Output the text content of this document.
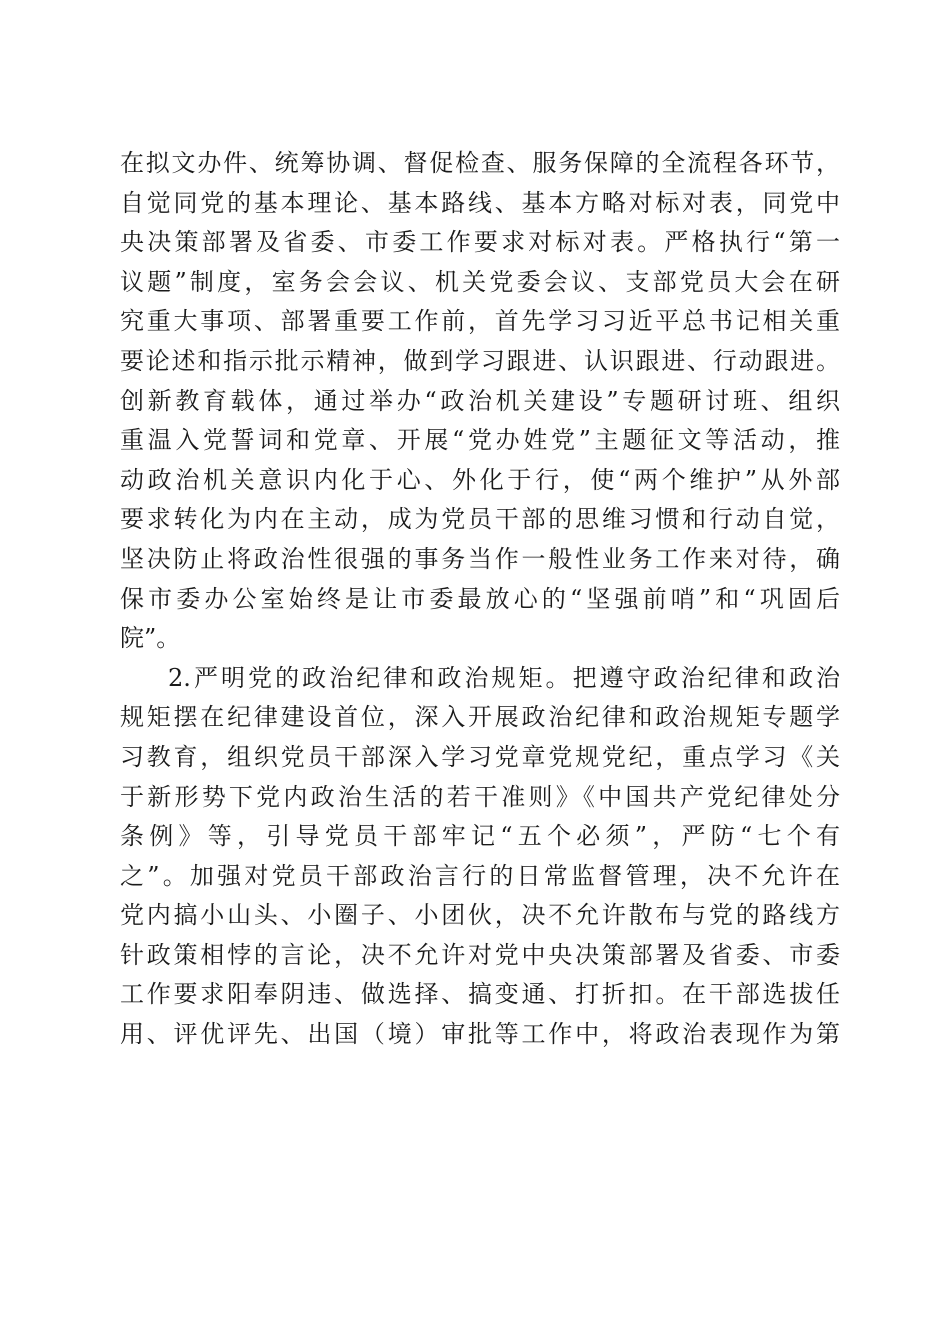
在拟文办件、统筹协调、督促检查、服务保障的全流程各环节，
自觉同党的基本理论、基本路线、基本方略对标对表，同党中
央决策部署及省委、市委工作要求对标对表。严格执行“第一
议题”制度，室务会会议、机关党委会议、支部党员大会在研
究重大事项、部署重要工作前，首先学习习近平总书记相关重
要论述和指示批示精神，做到学习跟进、认识跟进、行动跟进。
创新教育载体，通过举办“政治机关建设”专题研讨班、组织
重温入党誓词和党章、开展“党办姓党”主题征文等活动，推
动政治机关意识内化于心、外化于行，使“两个维护”从外部
要求转化为内在主动，成为党员干部的思维习惯和行动自觉，
坚决防止将政治性很强的事务当作一般性业务工作来对待，确
保市委办公室始终是让市委最放心的“坚强前哨”和“巩固后
院”。
2.严明党的政治纪律和政治规矩。把遵守政治纪律和政治
规矩摆在纪律建设首位，深入开展政治纪律和政治规矩专题学
习教育，组织党员干部深入学习党章党规党纪，重点学习《关
于新形势下党内政治生活的若干准则》《中国共产党纪律处分
条例》等，引导党员干部牢记“五个必须”，严防“七个有
之”。加强对党员干部政治言行的日常监督管理，决不允许在
党内搞小山头、小圈子、小团伙，决不允许散布与党的路线方
针政策相悖的言论，决不允许对党中央决策部署及省委、市委
工作要求阳奉阴违、做选择、搞变通、打折扣。在干部选拔任
用、评优评先、出国（境）审批等工作中，将政治表现作为第
